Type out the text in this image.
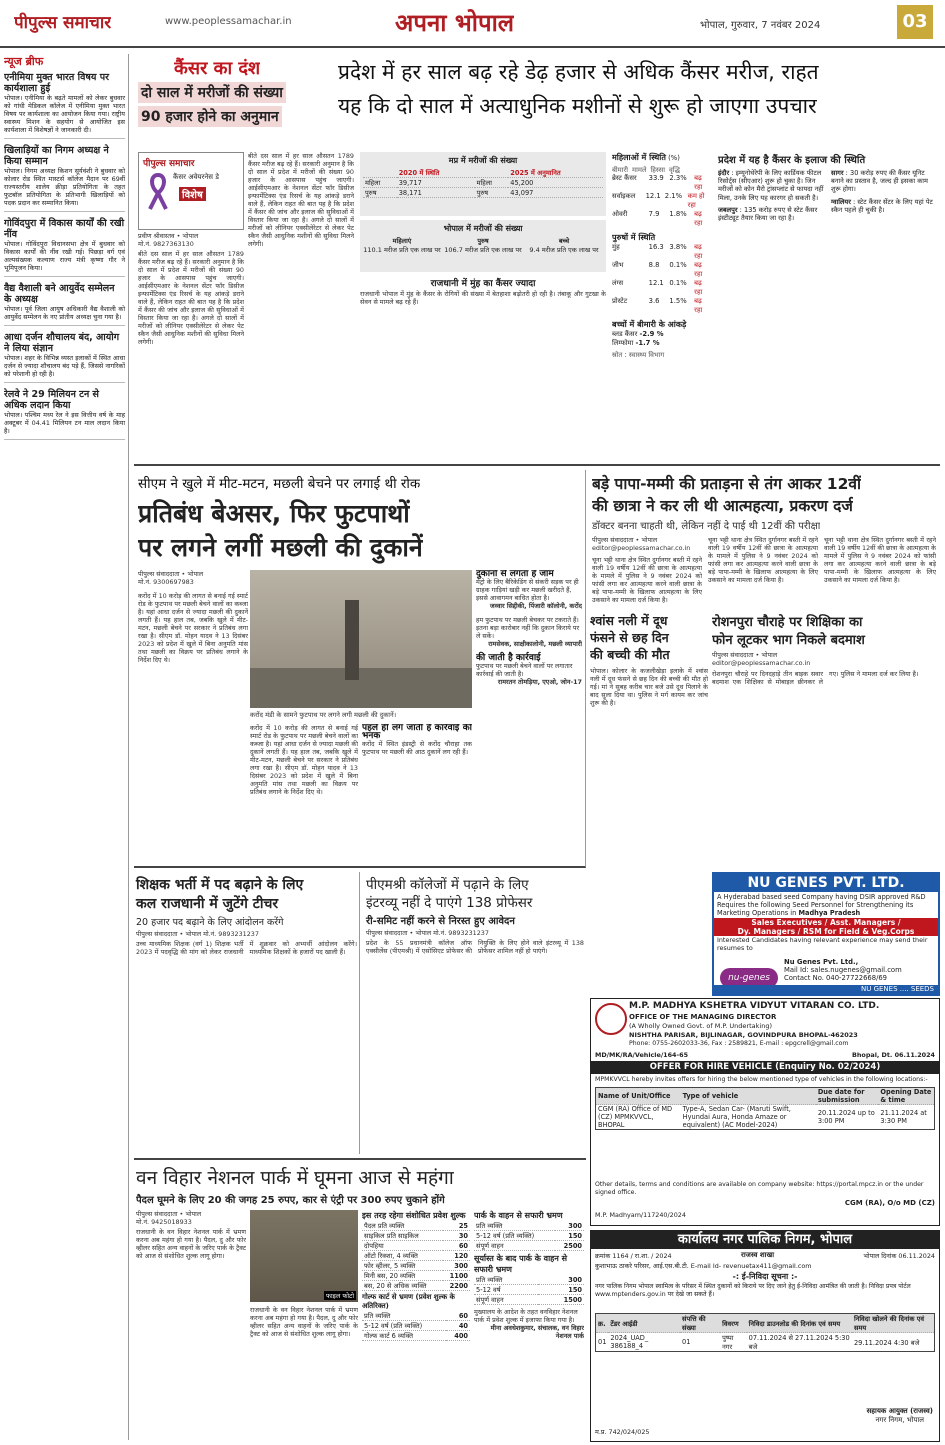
पीपुल्स समाचार	www.peoplessamachar.in	अपना भोपाल	भोपाल, गुरुवार, 7 नवंबर 2024	03
न्यूज ब्रीफ
एनीमिया मुक्त भारत विषय पर कार्यशाला हुई
भोपाल। एनीमिया के बढ़ते मामलों को लेकर बुधवार को गांधी मेडिकल कॉलेज में एनीमिया मुक्त भारत विषय पर कार्यशाला का आयोजन किया गया। राष्ट्रीय स्वास्थ्य मिशन के सहयोग से आयोजित इस कार्यशाला में विशेषज्ञों ने जानकारी दी।
खिलाड़ियों का निगम अध्यक्ष ने किया सम्मान
भोपाल। निगम अध्यक्ष किशन सूर्यवंशी ने बुधवार को कोलार रोड स्थित मास्टर्स कॉलेज मैदान पर 69वीं राज्यस्तरीय शालेय क्रीड़ा प्रतियोगिता के तहत फुटबॉल प्रतियोगिता के प्रतिभागी खिलाड़ियों को पदक प्रदान कर सम्मानित किया।
गोविंदपुरा में विकास कार्यों की रखी नींव
भोपाल। गोविंदपुरा विधानसभा क्षेत्र में बुधवार को विकास कार्यों की नींव रखी गई। पिछड़ा वर्ग एवं अल्पसंख्यक कल्याण राज्य मंत्री कृष्णा गौर ने भूमिपूजन किया।
वैद्य वैशाली बने आयुर्वेद सम्मेलन के अध्यक्ष
भोपाल। पूर्व जिला आयुष अधिकारी वैद्य वैशाली को आयुर्वेद सम्मेलन के नए प्रांतीय अध्यक्ष चुना गया है।
आधा दर्जन शौचालय बंद, आयोग ने लिया संज्ञान
भोपाल। शहर के विभिन्न व्यस्त इलाकों में स्थित आधा दर्जन से ज्यादा शौचालय बंद पड़े हैं, जिससे नागरिकों को परेशानी हो रही है।
रेलवे ने 29 मिलियन टन से अधिक लदान किया
भोपाल। पश्चिम मध्य रेल ने इस वित्तीय वर्ष के माह अक्टूबर में 04.41 मिलियन टन माल लदान किया है।
कैंसर का दंश
दो साल में मरीजों की संख्या
90 हजार होने का अनुमान
प्रदेश में हर साल बढ़ रहे डेढ़ हजार से अधिक कैंसर मरीज, राहत
यह कि दो साल में अत्याधुनिक मशीनों से शुरू हो जाएगा उपचार
पीपुल्स समाचार
कैंसर अवेयरनेस डे
विशेष
प्रवीण श्रीवास्तव • भोपाल
मो.नं. 9827363130
बीते दस साल में हर साल औसतन 1789 कैंसर मरीज बढ़ रहे हैं। सरकारी अनुमान है कि दो साल में प्रदेश में मरीजों की संख्या 90 हजार के आसपास पहुंच जाएगी। आईसीएमआर के नेशनल सेंटर फॉर डिसीज इन्फार्मेटिक्स एंड रिसर्च के यह आंकड़े डराने वाले हैं, लेकिन राहत की बात यह है कि प्रदेश में कैंसर की जांच और इलाज की सुविधाओं में विस्तार किया जा रहा है। अगले दो सालों में मरीजों को लीनियर एक्सीलेरेटर से लेकर पेट स्कैन जैसी आधुनिक मशीनों की सुविधा मिलने लगेगी।
बीते दस साल में हर साल औसतन 1789 कैंसर मरीज बढ़ रहे हैं। सरकारी अनुमान है कि दो साल में प्रदेश में मरीजों की संख्या 90 हजार के आसपास पहुंच जाएगी। आईसीएमआर के नेशनल सेंटर फॉर डिसीज इन्फार्मेटिक्स एंड रिसर्च के यह आंकड़े डराने वाले हैं, लेकिन राहत की बात यह है कि प्रदेश में कैंसर की जांच और इलाज की सुविधाओं में विस्तार किया जा रहा है। अगले दो सालों में मरीजों को लीनियर एक्सीलेरेटर से लेकर पेट स्कैन जैसी आधुनिक मशीनों की सुविधा मिलने लगेगी।
मप्र में मरीजों की संख्या
	2020 में स्थिति		2025 में अनुमानित
महिला	39,717	महिला	45,200
पुरुष	38,171	पुरुष	43,097
भोपाल में मरीजों की संख्या
महिलाएं
110.1 मरीज प्रति एक लाख पर
पुरुष
106.7 मरीज प्रति एक लाख पर
बच्चे
9.4 मरीज प्रति एक लाख पर
राजधानी में मुंह का कैंसर ज्यादा
राजधानी भोपाल में मुंह के कैंसर के रोगियों की संख्या में बेतहाशा बढ़ोतरी हो रही है। तंबाकू और गुटखा के सेवन से मामले बढ़ रहे हैं।
महिलाओं में स्थिति (%)
बीमारी मामले हिस्सा वृद्धि
ब्रेस्ट कैंसर	33.9 2.3%	बढ़ रहा
सर्वाइकल	12.1 2.1% कम हो रहा
ओवरी	7.9	1.8%	बढ़ रहा
पुरुषों में स्थिति
मुंह	16.3 3.8%	बढ़ रहा
जीभ	8.8	0.1%	बढ़ रहा
लंग्स	12.1 0.1%	बढ़ रहा
प्रोस्टेट	3.6	1.5%	बढ़ रहा
बच्चों में बीमारी के आंकड़े
ब्लड कैंसर -2.9 %
लिम्फोमा -1.7 %
स्रोत : स्वास्थ्य विभाग
प्रदेश में यह है कैंसर के इलाज की स्थिति
इंदौर : इम्यूनोथेरेपी के लिए कार्डियक फीटल रिसोर्ट्स (सीएआर) शुरू हो चुका है। जिन मरीजों को कोन मैरो ट्रांसप्लांट से फायदा नहीं मिला, उनके लिए यह कारगर हो सकती है।
जबलपुर : 135 करोड़ रुपए से स्टेट कैंसर इंस्टीट्यूट तैयार किया जा रहा है।
सागर : 30 करोड़ रुपए की कैंसर यूनिट बनाने का प्रस्ताव है, जल्द ही इसका काम शुरू होगा।
ग्वालियर : स्टेट कैंसर सेंटर के लिए यहां पेट स्कैन पहले ही चुकी है।
सीएम ने खुले में मीट-मटन, मछली बेचने पर लगाई थी रोक
प्रतिबंध बेअसर, फिर फुटपाथों
पर लगने लगीं मछली की दुकानें
पीपुल्स संवाददाता • भोपाल
मो.नं. 9300697983
करोंद मंडी के सामने फुटपाथ पर लगने लगी मछली की दुकानें।
करोंद में 10 करोड़ की लागत से बनाई गई स्मार्ट रोड के फुटपाथ पर मछली बेचने वालों का कब्जा है। यहां आधा दर्जन से ज्यादा मछली की दुकानें लगती हैं। यह हाल तब, जबकि खुले में मीट-मटन, मछली बेचने पर सरकार ने प्रतिबंध लगा रखा है। सीएम डॉ. मोहन यादव ने 13 दिसंबर 2023 को प्रदेश में खुले में बिना अनुमति मांस तथा मछली का विक्रय पर प्रतिबंध लगाने के निर्देश दिए थे।
करोंद में 10 करोड़ की लागत से बनाई गई स्मार्ट रोड के फुटपाथ पर मछली बेचने वालों का कब्जा है। यहां आधा दर्जन से ज्यादा मछली की दुकानें लगती हैं। यह हाल तब, जबकि खुले में मीट-मटन, मछली बेचने पर सरकार ने प्रतिबंध लगा रखा है। सीएम डॉ. मोहन यादव ने 13 दिसंबर 2023 को प्रदेश में खुले में बिना अनुमति मांस तथा मछली का विक्रय पर प्रतिबंध लगाने के निर्देश दिए थे।
पहले ही लग जाती है कार्रवाई की भनक
करोंद में स्थित इंडस्ट्री से करोंद चौराहा तक फुटपाथ पर मछली की आठ दुकानें लग रही हैं।
दुकानों से लगता है जाम
मेट्रो के लिए बैरिकेडिंग से संकरी सड़क पर ही ग्राहक गाड़ियां खड़ी कर मछली खरीदते हैं, इससे आवागमन बाधित होता है।
जव्वार सिद्दीकी, पिंजारी कॉलोनी, करोंद
हम फुटपाथ पर मछली बेचकर पर टकराते हैं। इतना बड़ा कारोबार नहीं कि दुकान किराये पर ले सकें।
रामसेवक, साक्षीकालोनी, मछली व्यापारी
की जाती है कार्रवाई
फुटपाथ पर मछली बेचने वालों पर लगातार कार्रवाई की जाती है।
रामरतन तोमड़िया, एएओ, जोन-17
बड़े पापा-मम्मी की प्रताड़ना से तंग आकर 12वीं
की छात्रा ने कर ली थी आत्महत्या, प्रकरण दर्ज
डॉक्टर बनना चाहती थी, लेकिन नहीं दे पाई थी 12वीं की परीक्षा
पीपुल्स संवाददाता • भोपाल
editor@peoplessamachar.co.in
चूना भट्टी थाना क्षेत्र स्थित दुर्गानगर बस्ती में रहने वाली 19 वर्षीय 12वीं की छात्रा के आत्महत्या के मामले में पुलिस ने 9 नवंबर 2024 को फांसी लगा कर आत्महत्या करने वाली छात्रा के बड़े पापा-मम्मी के खिलाफ आत्महत्या के लिए उकसाने का मामला दर्ज किया है।
चूना भट्टी थाना क्षेत्र स्थित दुर्गानगर बस्ती में रहने वाली 19 वर्षीय 12वीं की छात्रा के आत्महत्या के मामले में पुलिस ने 9 नवंबर 2024 को फांसी लगा कर आत्महत्या करने वाली छात्रा के बड़े पापा-मम्मी के खिलाफ आत्महत्या के लिए उकसाने का मामला दर्ज किया है।
चूना भट्टी थाना क्षेत्र स्थित दुर्गानगर बस्ती में रहने वाली 19 वर्षीय 12वीं की छात्रा के आत्महत्या के मामले में पुलिस ने 9 नवंबर 2024 को फांसी लगा कर आत्महत्या करने वाली छात्रा के बड़े पापा-मम्मी के खिलाफ आत्महत्या के लिए उकसाने का मामला दर्ज किया है।
श्वांस नली में दूध
फंसने से छह दिन
की बच्ची की मौत
भोपाल। कोलार के कजलीखेड़ा इलाके में श्वांस नली में दूध फंसने से छह दिन की बच्ची की मौत हो गई। मां ने सुबह करीब चार बजे उसे दूध पिलाने के बाद सुला दिया था। पुलिस ने मर्ग कायम कर जांच शुरू की है।
रोशनपुरा चौराहे पर शिक्षिका का
फोन लूटकर भाग निकले बदमाश
पीपुल्स संवाददाता • भोपाल
editor@peoplessamachar.co.in
रोशनपुरा चौराहे पर दिनदहाड़े तीन बाइक सवार बदमाश एक शिक्षिका से मोबाइल छीनकर ले गए। पुलिस ने मामला दर्ज कर लिया है।
शिक्षक भर्ती में पद बढ़ाने के लिए
कल राजधानी में जुटेंगे टीचर
20 हजार पद बढ़ाने के लिए आंदोलन करेंगे
पीपुल्स संवाददाता • भोपाल मो.नं. 9893231237
उच्च माध्यमिक शिक्षक (वर्ग 1) शिक्षक भर्ती 2023 में पदवृद्धि की मांग को लेकर राजधानी में शुक्रवार को अभ्यर्थी आंदोलन करेंगे। माध्यमिक शिक्षकों के हजारों पद खाली हैं।
पीएमश्री कॉलेजों में पढ़ाने के लिए
इंटरव्यू नहीं दे पाएंगे 138 प्रोफेसर
री-समिट नहीं करने से निरस्त हुए आवेदन
पीपुल्स संवाददाता • भोपाल मो.नं. 9893231237
प्रदेश के 55 प्रधानमंत्री कॉलेज ऑफ एक्सीलेंस (पीएमश्री) में एसोसिएट प्रोफेसर की नियुक्ति के लिए होने वाले इंटरव्यू में 138 प्रोफेसर शामिल नहीं हो पाएंगे।
वन विहार नेशनल पार्क में घूमना आज से महंगा
पैदल घूमने के लिए 20 की जगह 25 रुपए, कार से एंट्री पर 300 रुपए चुकाने होंगे
पीपुल्स संवाददाता • भोपाल
मो.नं. 9425018933
राजधानी के वन विहार नेशनल पार्क में भ्रमण करना अब महंगा हो गया है। पैदल, दु और फोर व्हीलर सहित अन्य वाहनों के जरिए पार्क के ट्रैक्ट को आज से संशोधित शुल्क लागू होगा।
फाइल फोटो
राजधानी के वन विहार नेशनल पार्क में भ्रमण करना अब महंगा हो गया है। पैदल, दु और फोर व्हीलर सहित अन्य वाहनों के जरिए पार्क के ट्रैक्ट को आज से संशोधित शुल्क लागू होगा।
इस तरह रहेगा संशोधित प्रवेश शुल्क
पैदल प्रति व्यक्ति	25
साइकिल प्रति साइकिल	30
दोपहिया	60
ऑटो रिक्शा, 4 व्यक्ति	120
फोर व्हीलर, 5 व्यक्ति	300
मिनी बस, 20 व्यक्ति	1100
बस, 20 से अधिक व्यक्ति	2200
गोल्फ कार्ट से भ्रमण (प्रवेश शुल्क के अतिरिक्त)
प्रति व्यक्ति	60
5-12 वर्ष (प्रति व्यक्ति)	40
गोल्फ कार्ट 6 व्यक्ति	400
पार्क के वाहन से सफारी भ्रमण
प्रति व्यक्ति	300
5-12 वर्ष (प्रति व्यक्ति)	150
संपूर्ण वाहन	2500
सूर्यास्त के बाद पार्क के वाहन से सफारी भ्रमण
प्रति व्यक्ति	300
5-12 वर्ष	150
संपूर्ण वाहन	1500
मुख्यालय के आदेश के तहत वनविहार नेशनल पार्क में प्रवेश शुल्क में इजाफा किया गया है।
मीना अवधेशकुमार, संचालक, वन विहार नेशनल पार्क
NU GENES PVT. LTD.
A Hyderabad based seed Company having DSIR approved R&D Requires the following Seed Personnel for Strengthening its Marketing Operations in Madhya Pradesh
Sales Executives / Asst. Managers /
Dy. Managers / RSM for Field & Veg.Corps
Interested Candidates having relevant experience may send their resumes to
nu-genes
Nu Genes Pvt. Ltd.,
Mail Id: sales.nugenes@gmail.com
Contact No. 040-27722668/69
NU GENES .... SEEDS
M.P. MADHYA KSHETRA VIDYUT VITARAN CO. LTD.
OFFICE OF THE MANAGING DIRECTOR
(A Wholly Owned Govt. of M.P. Undertaking)
NISHTHA PARISAR, BIJLINAGAR, GOVINDPURA BHOPAL-462023
Phone: 0755-2602033-36, Fax : 2589821, E-mail : epgcrell@gmail.com
MD/MK/RA/Vehicle/164-65	Bhopal, Dt. 06.11.2024
OFFER FOR HIRE VEHICLE (Enquiry No. 02/2024)
MPMKVVCL hereby invites offers for hiring the below mentioned type of vehicles in the following locations:-
Name of Unit/Office	Type of vehicle	Due date for submission	Opening Date & time
CGM (RA) Office of MD (CZ) MPMKVVCL, BHOPAL	Type-A, Sedan Car- (Maruti Swift, Hyundai Aura, Honda Amaze or equivalent) (AC Model-2024)	20.11.2024 up to 3:00 PM	21.11.2024 at 3:30 PM
Other details, terms and conditions are available on company website: https://portal.mpcz.in or the under signed office.
CGM (RA), O/o MD (CZ)
M.P. Madhyam/117240/2024
कार्यालय नगर पालिक निगम, भोपाल
क्रमांक 1164 / रा.शा. / 2024	राजस्व शाखा	भोपाल दिनांक 06.11.2024
कुशाभाऊ ठाकरे परिसर, आई.एस.बी.टी. E-mail Id- revenuetax411@gmail.com
-: ई-निविदा सूचना :-
नगर पालिक निगम भोपाल स्वामित्व के परिसर में स्थित दुकानों को किराये पर दिए जाने हेतु ई-निविदा आमंत्रित की जाती है। निविदा प्रपत्र पोर्टल www.mptenders.gov.in पर देखे जा सकते हैं।
क्र.	टेंडर आईडी	संपत्ति की संख्या	विवरण	निविदा डाउनलोड की दिनांक एवं समय	निविदा खोलने की दिनांक एवं समय
01	2024_UAD_ 386188_4	01	पुष्पा नगर	07.11.2024 से 27.11.2024 5:30 बजे	29.11.2024 4:30 बजे
सहायक आयुक्त (राजस्व)
नगर निगम, भोपाल
म.प्र. 742/024/025
